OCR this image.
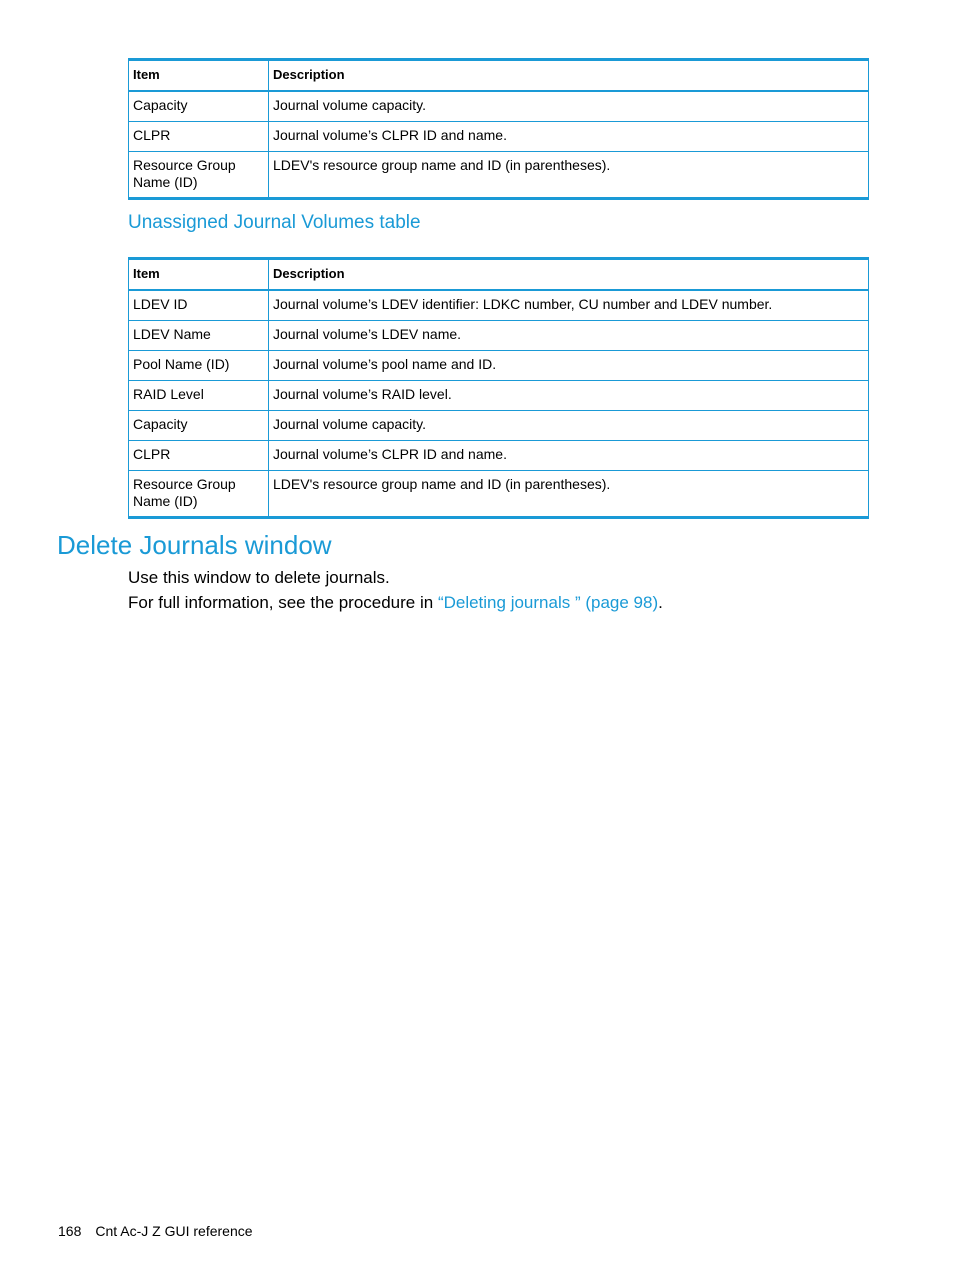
Item	Description
Capacity	Journal volume capacity.
CLPR	Journal volume’s CLPR ID and name.
Resource Group Name (ID)	LDEV's resource group name and ID (in parentheses).
Unassigned Journal Volumes table
Item	Description
LDEV ID	Journal volume’s LDEV identifier: LDKC number, CU number and LDEV number.
LDEV Name	Journal volume’s LDEV name.
Pool Name (ID)	Journal volume’s pool name and ID.
RAID Level	Journal volume’s RAID level.
Capacity	Journal volume capacity.
CLPR	Journal volume’s CLPR ID and name.
Resource Group Name (ID)	LDEV's resource group name and ID (in parentheses).
Delete Journals window

Use this window to delete journals.

For full information, see the procedure in “Deleting journals ” (page 98).

168 Cnt Ac-J Z GUI reference
